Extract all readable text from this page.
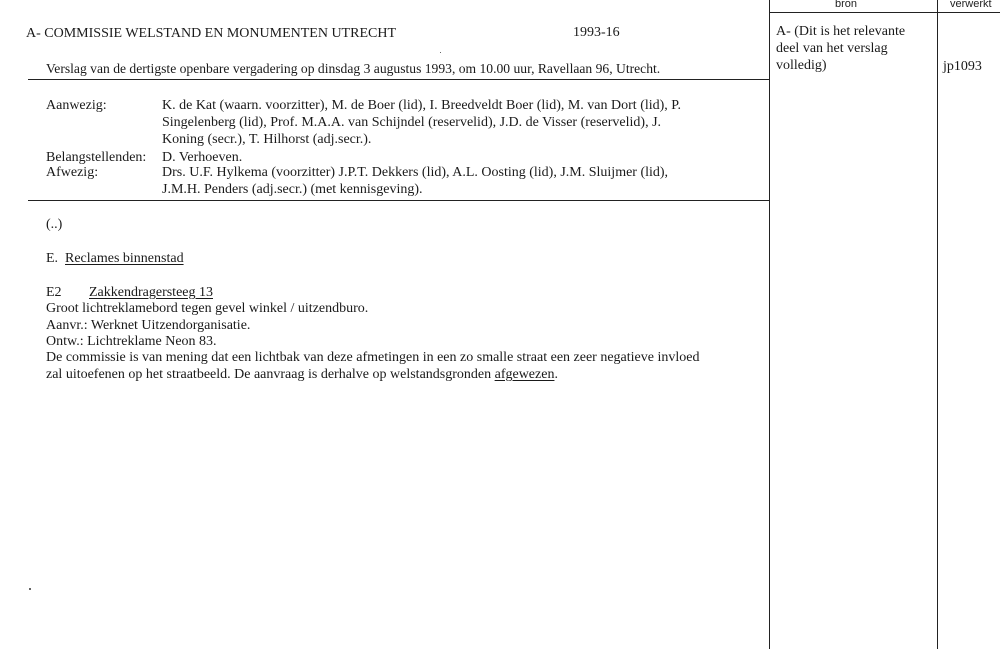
bron	verwerkt
A- COMMISSIE WELSTAND EN MONUMENTEN UTRECHT	1993-16
Verslag van de dertigste openbare vergadering op dinsdag 3 augustus 1993, om 10.00 uur, Ravellaan 96, Utrecht.
Aanwezig:	K. de Kat (waarn. voorzitter), M. de Boer (lid), I. Breedveldt Boer (lid), M. van Dort (lid), P.
Singelenberg (lid), Prof. M.A.A. van Schijndel (reservelid), J.D. de Visser (reservelid), J.
Koning (secr.), T. Hilhorst (adj.secr.).
Belangstellenden: D. Verhoeven.
Afwezig:	Drs. U.F. Hylkema (voorzitter) J.P.T. Dekkers (lid), A.L. Oosting (lid), J.M. Sluijmer (lid),
J.M.H. Penders (adj.secr.) (met kennisgeving).
(..)
E. Reclames binnenstad
E2 Zakkendragersteeg 13
Groot lichtreklamebord tegen gevel winkel / uitzendburo.
Aanvr.: Werknet Uitzendorganisatie.
Ontw.: Lichtreklame Neon 83.
De commissie is van mening dat een lichtbak van deze afmetingen in een zo smalle straat een zeer negatieve invloed
zal uitoefenen op het straatbeeld. De aanvraag is derhalve op welstandsgronden afgewezen.
A- (Dit is het relevante
deel van het verslag
volledig)	jp1093
